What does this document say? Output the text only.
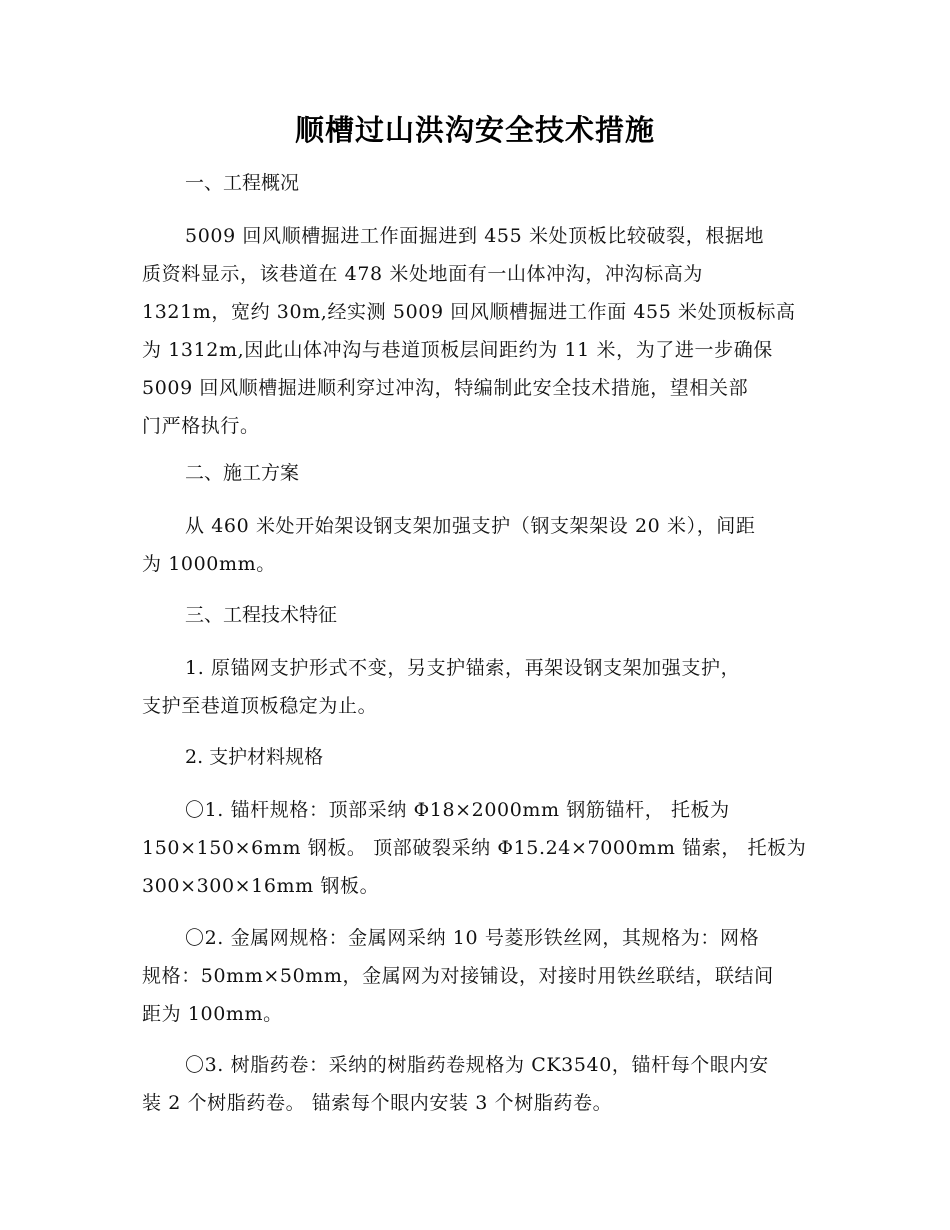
顺槽过山洪沟安全技术措施
一、工程概况
5009 回风顺槽掘进工作面掘进到 455 米处顶板比较破裂，根据地
质资料显示，该巷道在 478 米处地面有一山体冲沟，冲沟标高为
1321m，宽约 30m,经实测 5009 回风顺槽掘进工作面 455 米处顶板标高
为 1312m,因此山体冲沟与巷道顶板层间距约为 11 米，为了进一步确保
5009 回风顺槽掘进顺利穿过冲沟，特编制此安全技术措施，望相关部
门严格执行。
二、施工方案
从 460 米处开始架设钢支架加强支护（钢支架架设 20 米），间距
为 1000mm。
三、工程技术特征
1. 原锚网支护形式不变，另支护锚索，再架设钢支架加强支护，
支护至巷道顶板稳定为止。
2. 支护材料规格
〇1. 锚杆规格：顶部采纳 Φ18×2000mm 钢筋锚杆， 托板为
150×150×6mm 钢板。 顶部破裂采纳 Φ15.24×7000mm 锚索， 托板为
300×300×16mm 钢板。
〇2. 金属网规格：金属网采纳 10 号菱形铁丝网，其规格为：网格
规格：50mm×50mm，金属网为对接铺设，对接时用铁丝联结，联结间
距为 100mm。
〇3. 树脂药卷：采纳的树脂药卷规格为 CK3540，锚杆每个眼内安
装 2 个树脂药卷。 锚索每个眼内安装 3 个树脂药卷。
